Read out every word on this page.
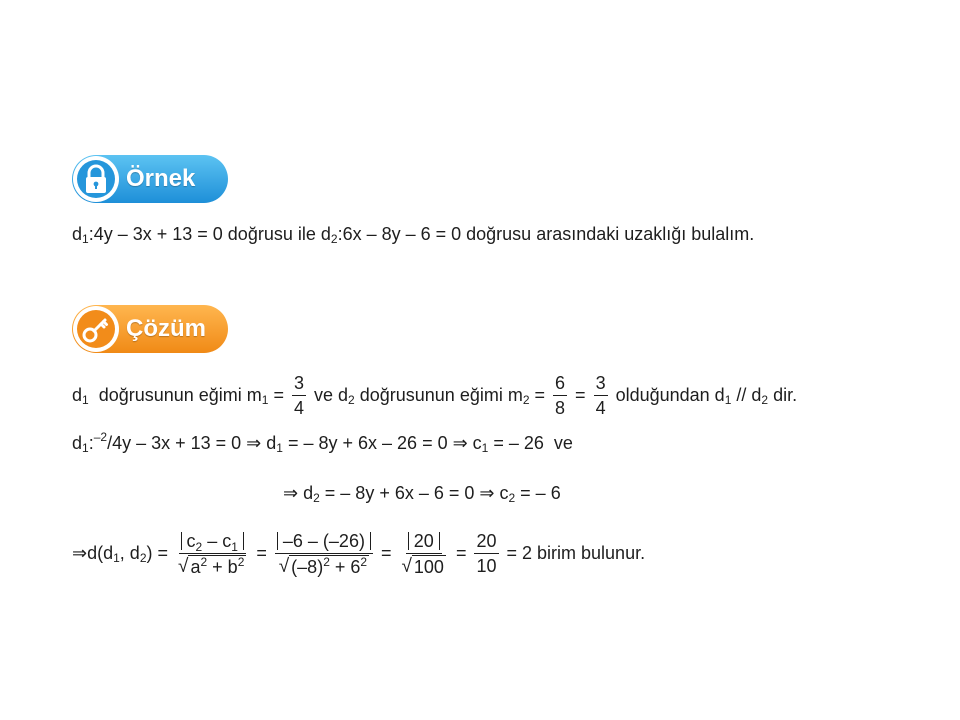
Örnek
$d_1$ :4y – 3x + 13 = 0 doğrusu ile $d_2$ :6x – 8y – 6 = 0 doğrusu arasındaki uzaklığı bulalım.
Çözüm
$d_1$ doğrusunun eğimi $m_1 = \frac{3}{4}$ ve $d_2$ doğrusunun eğimi $m_2 = \frac{6}{8} = \frac{3}{4}$ olduğundan $d_1 // d_2$ dir.
$d_1$ :$^{-2}$ /4y – 3x + 13 = 0 ⇒ $d_1$ = – 8y + 6x – 26 = 0 ⇒ $c_1$ = – 26  ve
⇒ $d_2$ = – 8y + 6x – 6 = 0 ⇒ $c_2$ = – 6
$\Rightarrow d(d_1$ , $d_2$ ) = $\frac{c_2 - c_1}{√ a^2 + b^2} = \frac{-6 - (-26)}{√ (-8)^2 + 6^2} = \frac{20}{√ 100} = \frac{20}{10} = 2$ birim bulunur.
